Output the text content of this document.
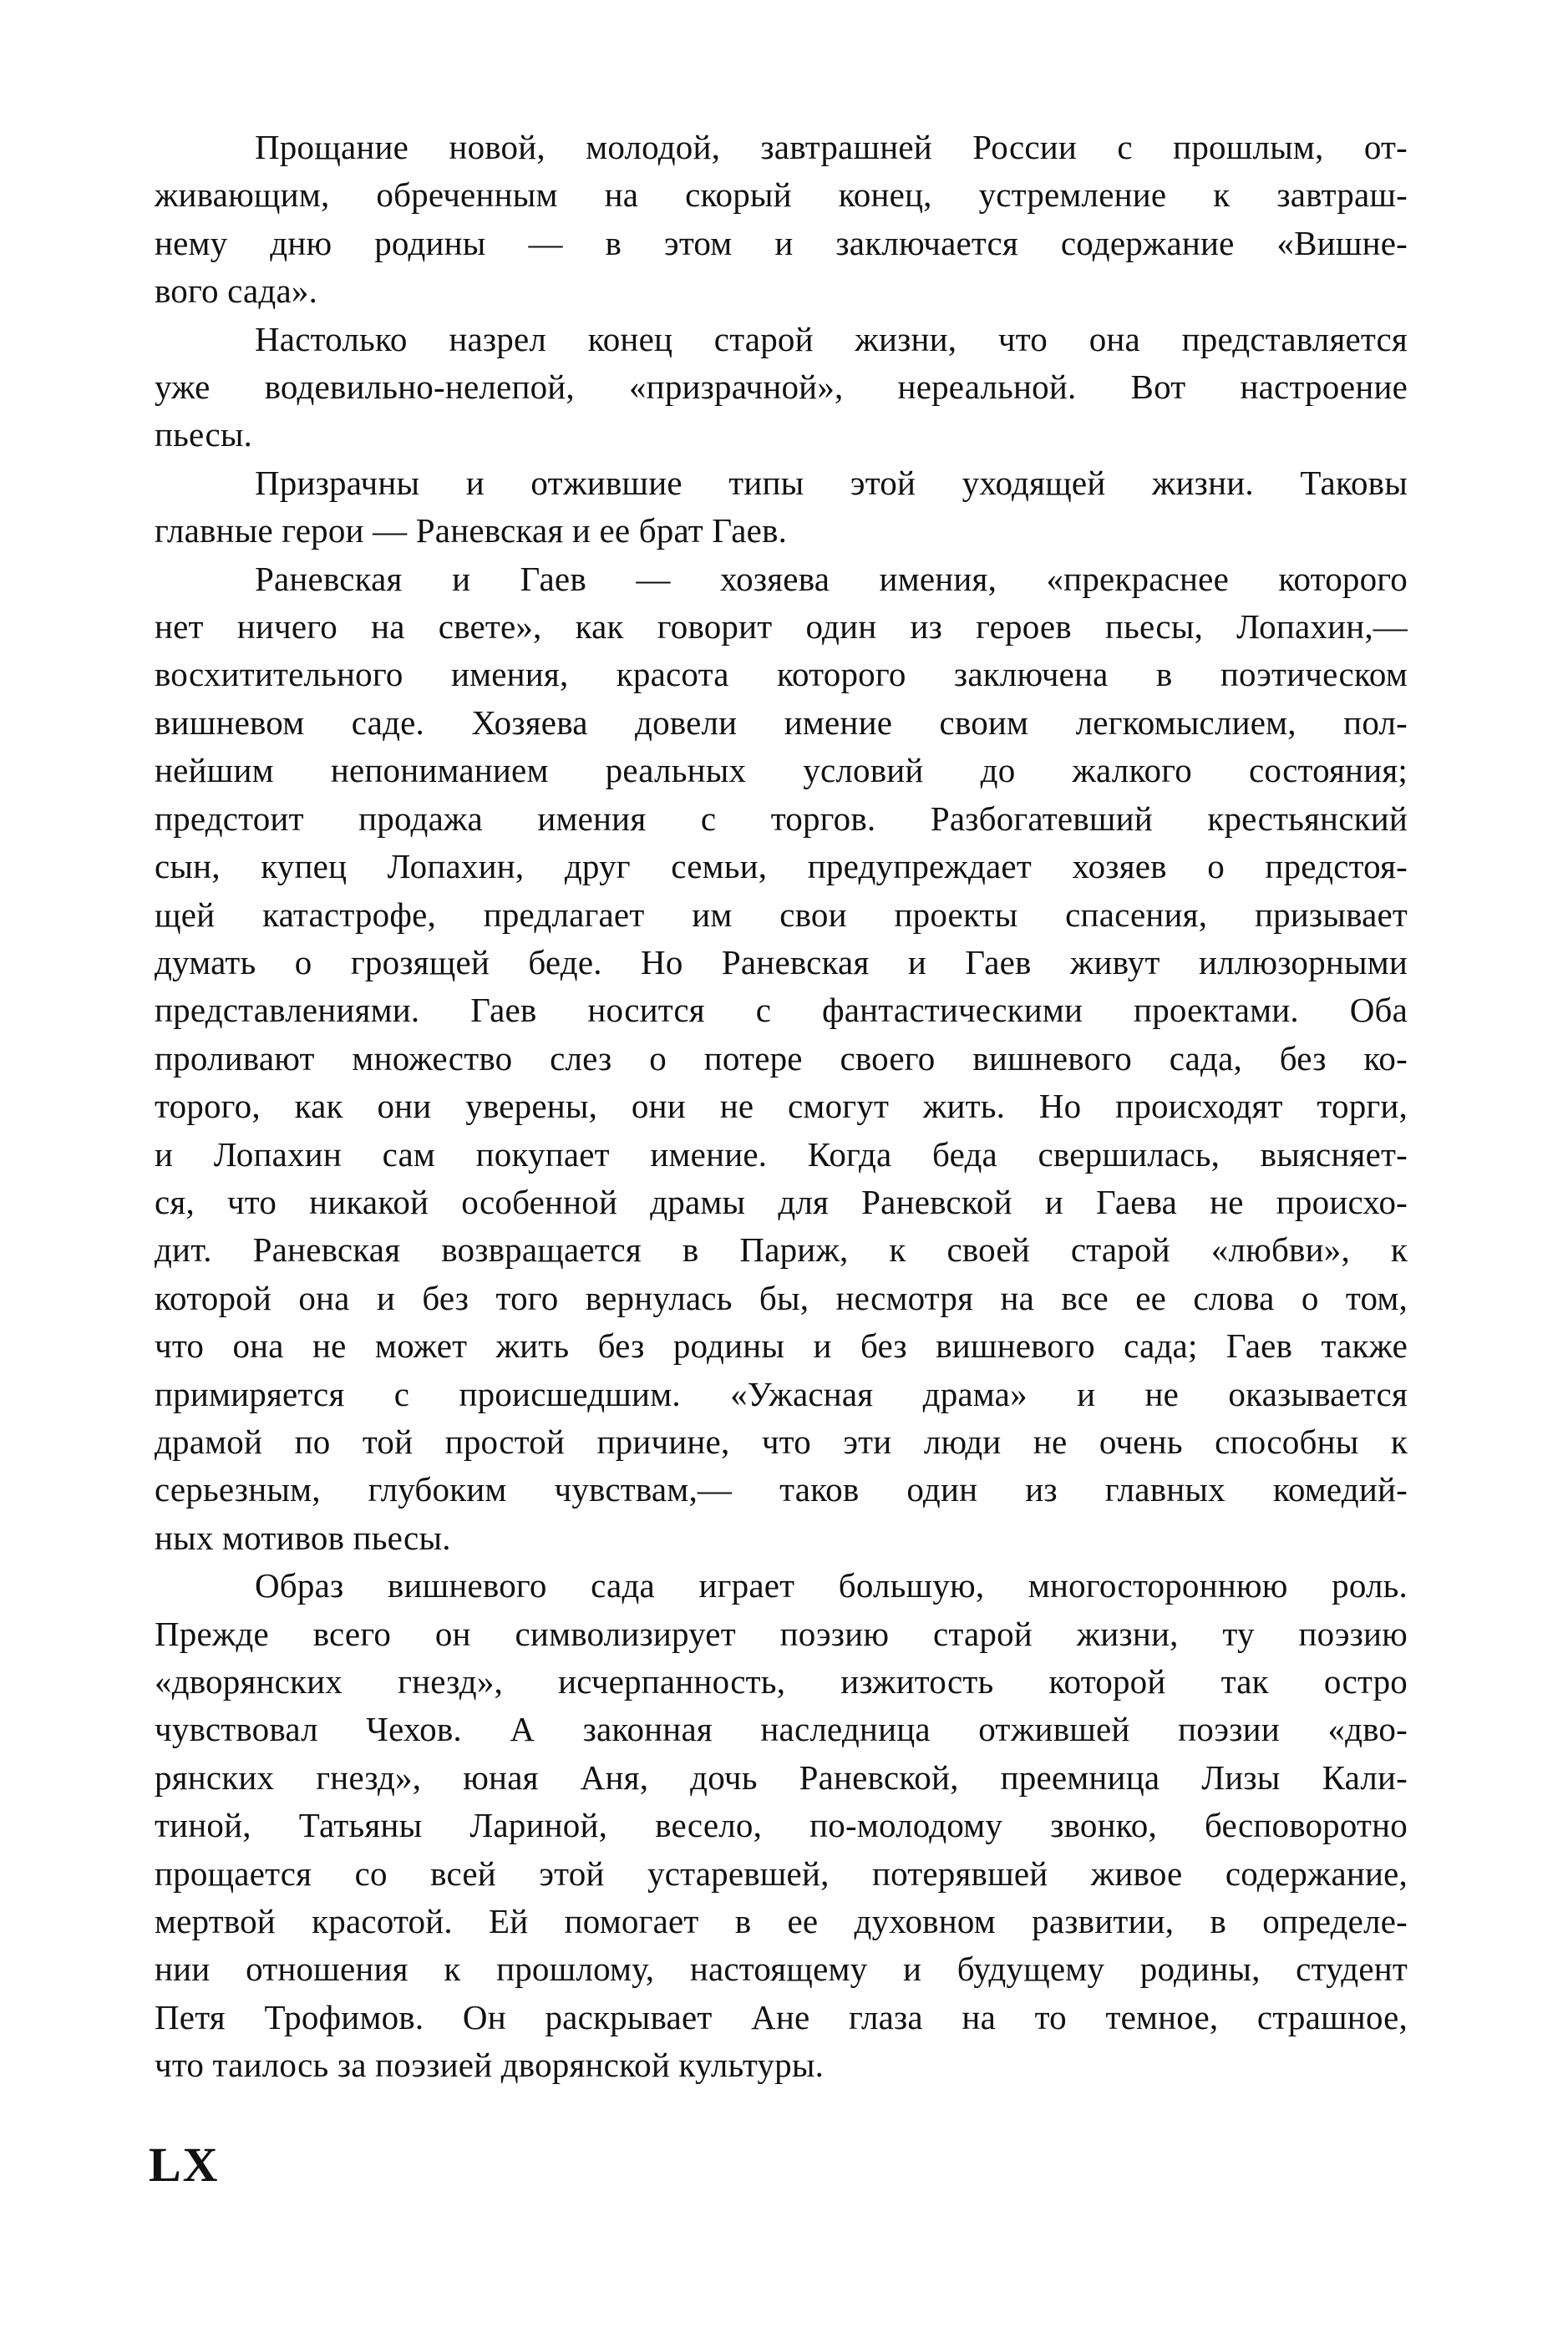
Прощание новой, молодой, завтрашней России с прошлым, от-
живающим, обреченным на скорый конец, устремление к завтраш-
нему дню родины — в этом и заключается содержание «Вишне-
вого сада».

Настолько назрел конец старой жизни, что она представляется
уже водевильно-нелепой, «призрачной», нереальной. Вот настроение
пьесы.

Призрачны и отжившие типы этой уходящей жизни. Таковы
главные герои — Раневская и ее брат Гаев.

Раневская и Гаев — хозяева имения, «прекраснее которого
нет ничего на свете», как говорит один из героев пьесы, Лопахин,—
восхитительного имения, красота которого заключена в поэтическом
вишневом саде. Хозяева довели имение своим легкомыслием, пол-
нейшим непониманием реальных условий до жалкого состояния;
предстоит продажа имения с торгов. Разбогатевший крестьянский
сын, купец Лопахин, друг семьи, предупреждает хозяев о предстоя-
щей катастрофе, предлагает им свои проекты спасения, призывает
думать о грозящей беде. Но Раневская и Гаев живут иллюзорными
представлениями. Гаев носится с фантастическими проектами. Оба
проливают множество слез о потере своего вишневого сада, без ко-
торого, как они уверены, они не смогут жить. Но происходят торги,
и Лопахин сам покупает имение. Когда беда свершилась, выясняет-
ся, что никакой особенной драмы для Раневской и Гаева не происхо-
дит. Раневская возвращается в Париж, к своей старой «любви», к
которой она и без того вернулась бы, несмотря на все ее слова о том,
что она не может жить без родины и без вишневого сада; Гаев также
примиряется с происшедшим. «Ужасная драма» и не оказывается
драмой по той простой причине, что эти люди не очень способны к
серьезным, глубоким чувствам,— таков один из главных комедий-
ных мотивов пьесы.

Образ вишневого сада играет большую, многостороннюю роль.
Прежде всего он символизирует поэзию старой жизни, ту поэзию
«дворянских гнезд», исчерпанность, изжитость которой так остро
чувствовал Чехов. А законная наследница отжившей поэзии «дво-
рянских гнезд», юная Аня, дочь Раневской, преемница Лизы Кали-
тиной, Татьяны Лариной, весело, по-молодому звонко, бесповоротно
прощается со всей этой устаревшей, потерявшей живое содержание,
мертвой красотой. Ей помогает в ее духовном развитии, в определе-
нии отношения к прошлому, настоящему и будущему родины, студент
Петя Трофимов. Он раскрывает Ане глаза на то темное, страшное,
что таилось за поэзией дворянской культуры.

LX
